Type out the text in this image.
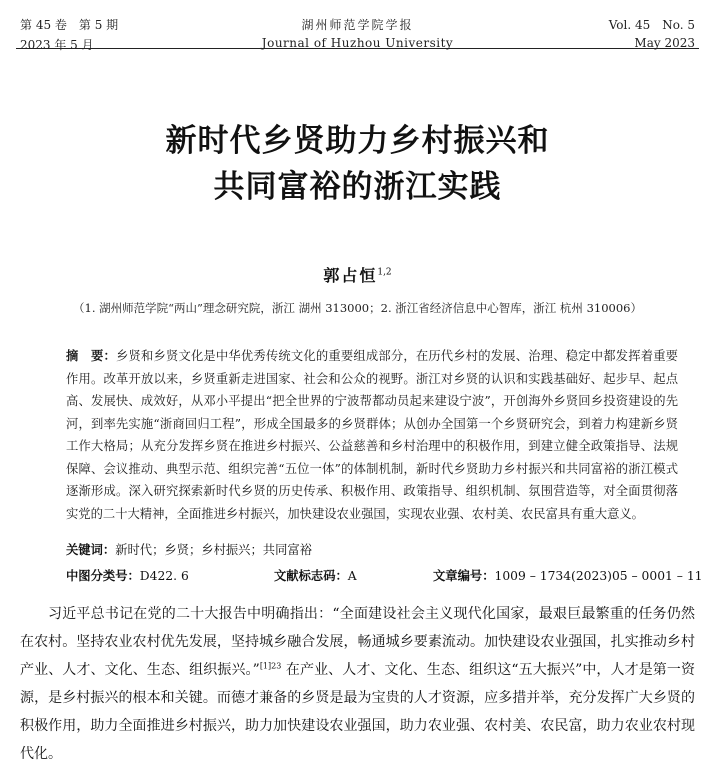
第 45 卷　第 5 期
2023 年 5 月
湖州师范学院学报
Journal of Huzhou University
Vol. 45　No. 5
May 2023
新时代乡贤助力乡村振兴和
共同富裕的浙江实践
郭占恒$^{1,2}$
（1. 湖州师范学院“两山”理念研究院，浙江 湖州 313000；2. 浙江省经济信息中心智库，浙江 杭州 310006）
摘　要：乡贤和乡贤文化是中华优秀传统文化的重要组成部分，在历代乡村的发展、治理、稳定中都发挥着重要作用。改革开放以来，乡贤重新走进国家、社会和公众的视野。浙江对乡贤的认识和实践基础好、起步早、起点高、发展快、成效好，从邓小平提出“把全世界的宁波帮都动员起来建设宁波”，开创海外乡贤回乡投资建设的先河，到率先实施“浙商回归工程”，形成全国最多的乡贤群体；从创办全国第一个乡贤研究会，到着力构建新乡贤工作大格局；从充分发挥乡贤在推进乡村振兴、公益慈善和乡村治理中的积极作用，到建立健全政策指导、法规保障、会议推动、典型示范、组织完善“五位一体”的体制机制，新时代乡贤助力乡村振兴和共同富裕的浙江模式逐渐形成。深入研究探索新时代乡贤的历史传承、积极作用、政策指导、组织机制、氛围营造等，对全面贯彻落实党的二十大精神，全面推进乡村振兴，加快建设农业强国，实现农业强、农村美、农民富具有重大意义。
关键词：新时代；乡贤；乡村振兴；共同富裕
中图分类号：D422. 6	文献标志码：A	文章编号：1009 – 1734(2023)05 – 0001 – 11
习近平总书记在党的二十大报告中明确指出：“全面建设社会主义现代化国家，最艰巨最繁重的任务仍然在农村。坚持农业农村优先发展，坚持城乡融合发展，畅通城乡要素流动。加快建设农业强国，扎实推动乡村产业、人才、文化、生态、组织振兴。”$^{[1]23}$ 在产业、人才、文化、生态、组织这“五大振兴”中，人才是第一资源，是乡村振兴的根本和关键。而德才兼备的乡贤是最为宝贵的人才资源，应多措并举，充分发挥广大乡贤的积极作用，助力全面推进乡村振兴，助力加快建设农业强国，助力农业强、农村美、农民富，助力农业农村现代化。
